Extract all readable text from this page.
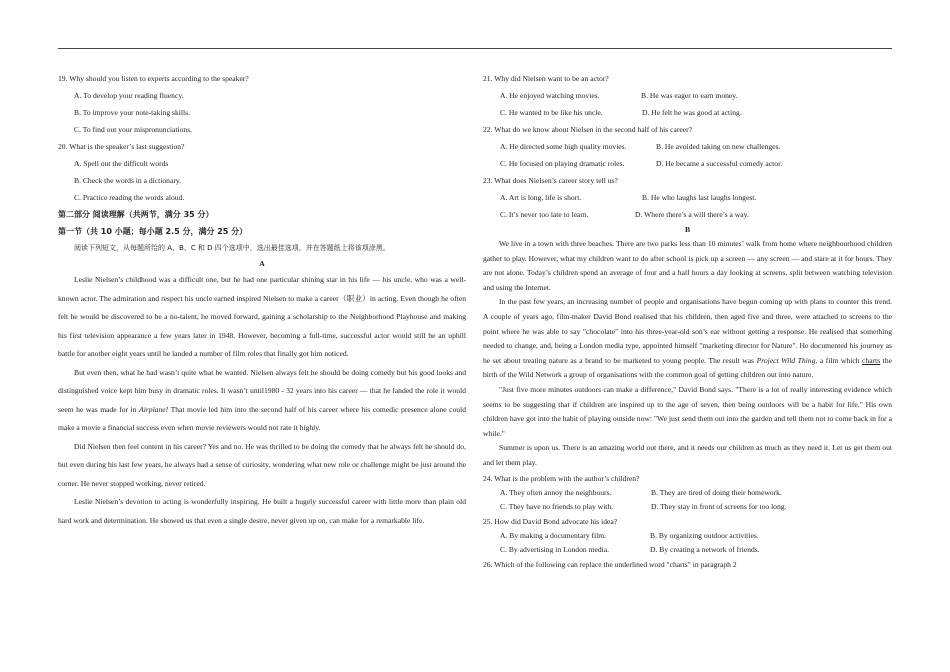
19. Why should you listen to experts according to the speaker?
A. To develop your reading fluency.
B. To improve your note-taking skills.
C. To find out your mispronunciations.
20. What is the speaker’s last suggestion?
A. Spell out the difficult words
B. Check the words in a dictionary.
C. Practice reading the words aloud.
第二部分 阅读理解（共两节，满分 35 分）
第一节（共 10 小题；每小题 2.5 分，满分 25 分）
阅读下列短文，从每题所给的 A、B、C 和 D 四个选项中，选出最佳选项，并在答题纸上将该项涂黑。
A

Leslie Nielsen’s childhood was a difficult one, but he had one particular shining star in his life — his uncle, who was a well-known actor. The admiration and respect his uncle earned inspired Nielsen to make a career（职业）in acting. Even though he often felt he would be discovered to be a no-talent, he moved forward, gaining a scholarship to the Neighborhood Playhouse and making his first television appearance a few years later in 1948. However, becoming a full-time, successful actor would still be an uphill battle for another eight years until he landed a number of film roles that finally got him noticed.

But even then, what he had wasn’t quite what he wanted. Nielsen always felt he should be doing comedy but his good looks and distinguished voice kept him busy in dramatic roles. It wasn’t until1980 - 32 years into his career — that he landed the role it would seem he was made for in Airplane! That movie led him into the second half of his career where his comedic presence alone could make a movie a financial success even when movie reviewers would not rate it highly.

Did Nielsen then feel content in his career? Yes and no. He was thrilled to be doing the comedy that he always felt he should do, but even during his last few years, he always had a sense of curiosity, wondering what new role or challenge might be just around the corner. He never stopped working, never retired.

Leslie Nielsen’s devotion to acting is wonderfully inspiring. He built a hugely successful career with little more than plain old hard work and determination. He showed us that even a single desire, never given up on, can make for a remarkable life.

21. Why did Nielsen want to be an actor?
A. He enjoyed watching movies.	B. He was eager to earn money.
C. He wanted to be like his uncle.	D. He felt he was good at acting.
22. What do we know about Nielsen in the second half of his career?
A. He directed some high quality movies.	B. He avoided taking on new challenges.
C. He focused on playing dramatic roles.	D. He became a successful comedy actor.
23. What does Nielsen’s career story tell us?
A. Art is long, life is short.	B. He who laughs last laughs longest.
C. It’s never too late to learn.	D. Where there’s a will there’s a way.
B

We live in a town with three beaches. There are two parks less than 10 minutes’ walk from home where neighbourhood children gather to play. However, what my children want to do after school is pick up a screen — any screen — and stare at it for hours. They are not alone. Today’s children spend an average of four and a half hours a day looking at screens, split between watching television and using the Internet.

In the past few years, an increasing number of people and organisations have begun coming up with plans to counter this trend. A couple of years ago, film-maker David Bond realised that his children, then aged five and three, were attached to screens to the point where he was able to say "chocolate" into his three-year-old son’s ear without getting a response. He realised that something needed to change, and, being a London media type, appointed himself "marketing director for Nature". He documented his journey as he set about treating nature as a brand to be marketed to young people. The result was Project Wild Thing, a film which charts the birth of the Wild Network a group of organisations with the common goal of getting children out into nature.

"Just five more minutes outdoors can make a difference," David Bond says. "There is a lot of really interesting evidence which seems to be suggesting that if children are inspired up to the age of seven, then being outdoors will be a habit for life." His own children have got into the habit of playing outside now: "We just send them out into the garden and tell them not to come back in for a while."

Summer is upon us. There is an amazing world out there, and it needs our children as much as they need it. Let us get them out and let them play.

24. What is the problem with the author’s children?
A. They often annoy the neighbours.	B. They are tired of doing their homework.
C. They have no friends to play with.	D. They stay in front of screens for too long.
25. How did David Bond advocate his idea?
A. By making a documentary film.	B. By organizing outdoor activities.
C. By advertising in London media.	D. By creating a network of friends.
26. Which of the following can replace the underlined word "charts" in paragraph 2
